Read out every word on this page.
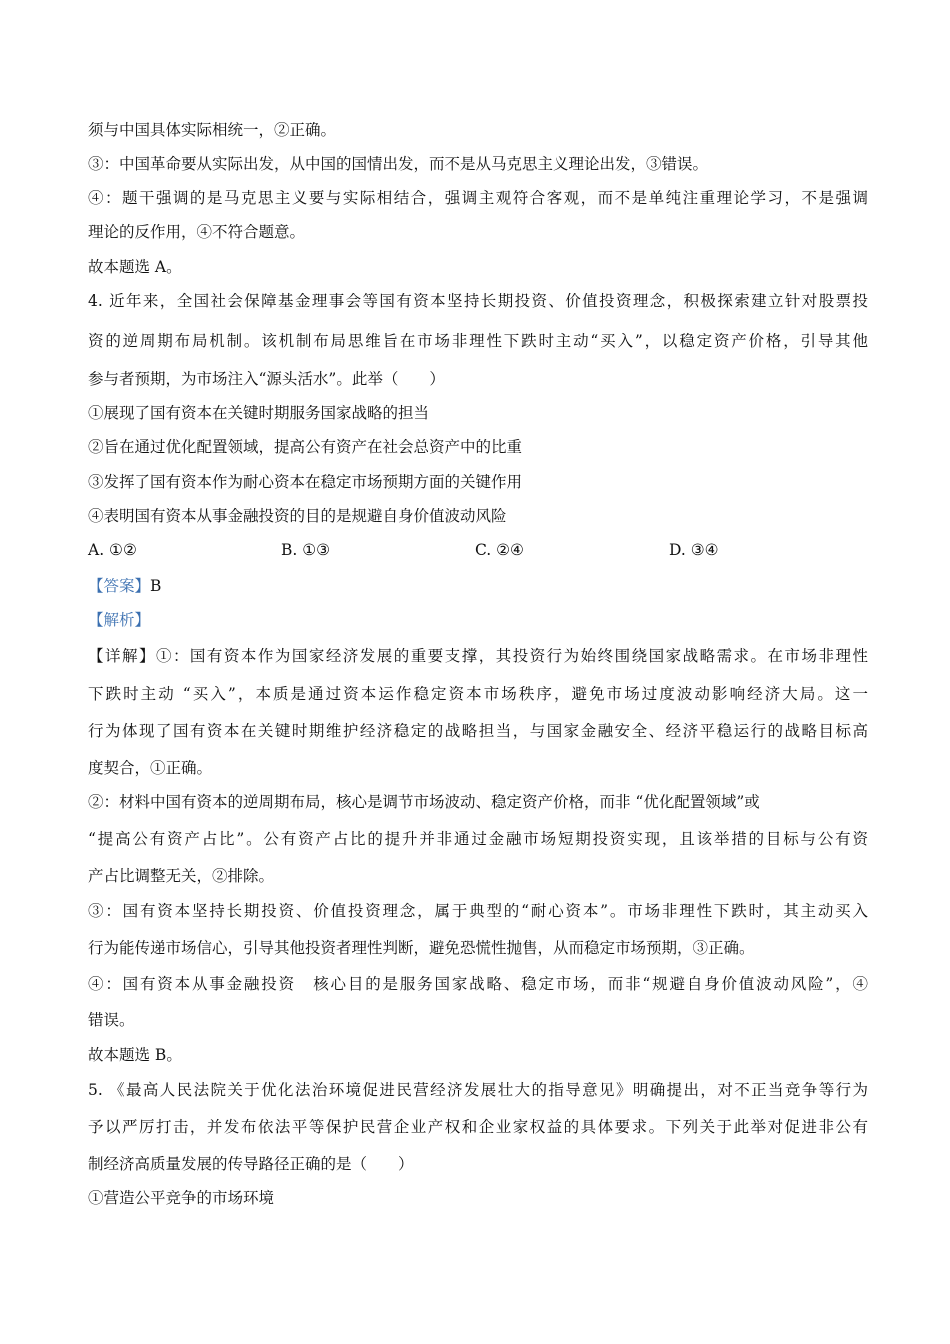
须与中国具体实际相统一，②正确。
③：中国革命要从实际出发，从中国的国情出发，而不是从马克思主义理论出发，③错误。
④：题干强调的是马克思主义要与实际相结合，强调主观符合客观，而不是单纯注重理论学习，不是强调
理论的反作用，④不符合题意。
故本题选 A。
4. 近年来，全国社会保障基金理事会等国有资本坚持长期投资、价值投资理念，积极探索建立针对股票投
资的逆周期布局机制。该机制布局思维旨在市场非理性下跌时主动“买入”，以稳定资产价格，引导其他
参与者预期，为市场注入“源头活水”。此举（　　）
①展现了国有资本在关键时期服务国家战略的担当
②旨在通过优化配置领域，提高公有资产在社会总资产中的比重
③发挥了国有资本作为耐心资本在稳定市场预期方面的关键作用
④表明国有资本从事金融投资的目的是规避自身价值波动风险
A. ①②	B. ①③	C. ②④	D. ③④
【答案】B
【解析】
【详解】①：国有资本作为国家经济发展的重要支撑，其投资行为始终围绕国家战略需求。在市场非理性
下跌时主动 “买入”，本质是通过资本运作稳定资本市场秩序，避免市场过度波动影响经济大局。这一
行为体现了国有资本在关键时期维护经济稳定的战略担当，与国家金融安全、经济平稳运行的战略目标高
度契合，①正确。
②：材料中国有资本的逆周期布局，核心是调节市场波动、稳定资产价格，而非 “优化配置领域”或
“提高公有资产占比”。公有资产占比的提升并非通过金融市场短期投资实现，且该举措的目标与公有资
产占比调整无关，②排除。
③：国有资本坚持长期投资、价值投资理念，属于典型的“耐心资本”。市场非理性下跌时，其主动买入
行为能传递市场信心，引导其他投资者理性判断，避免恐慌性抛售，从而稳定市场预期，③正确。
④：国有资本从事金融投资　核心目的是服务国家战略、稳定市场，而非“规避自身价值波动风险”，④
错误。
故本题选 B。
5. 《最高人民法院关于优化法治环境促进民营经济发展壮大的指导意见》明确提出，对不正当竞争等行为
予以严厉打击，并发布依法平等保护民营企业产权和企业家权益的具体要求。下列关于此举对促进非公有
制经济高质量发展的传导路径正确的是（　　）
①营造公平竞争的市场环境
